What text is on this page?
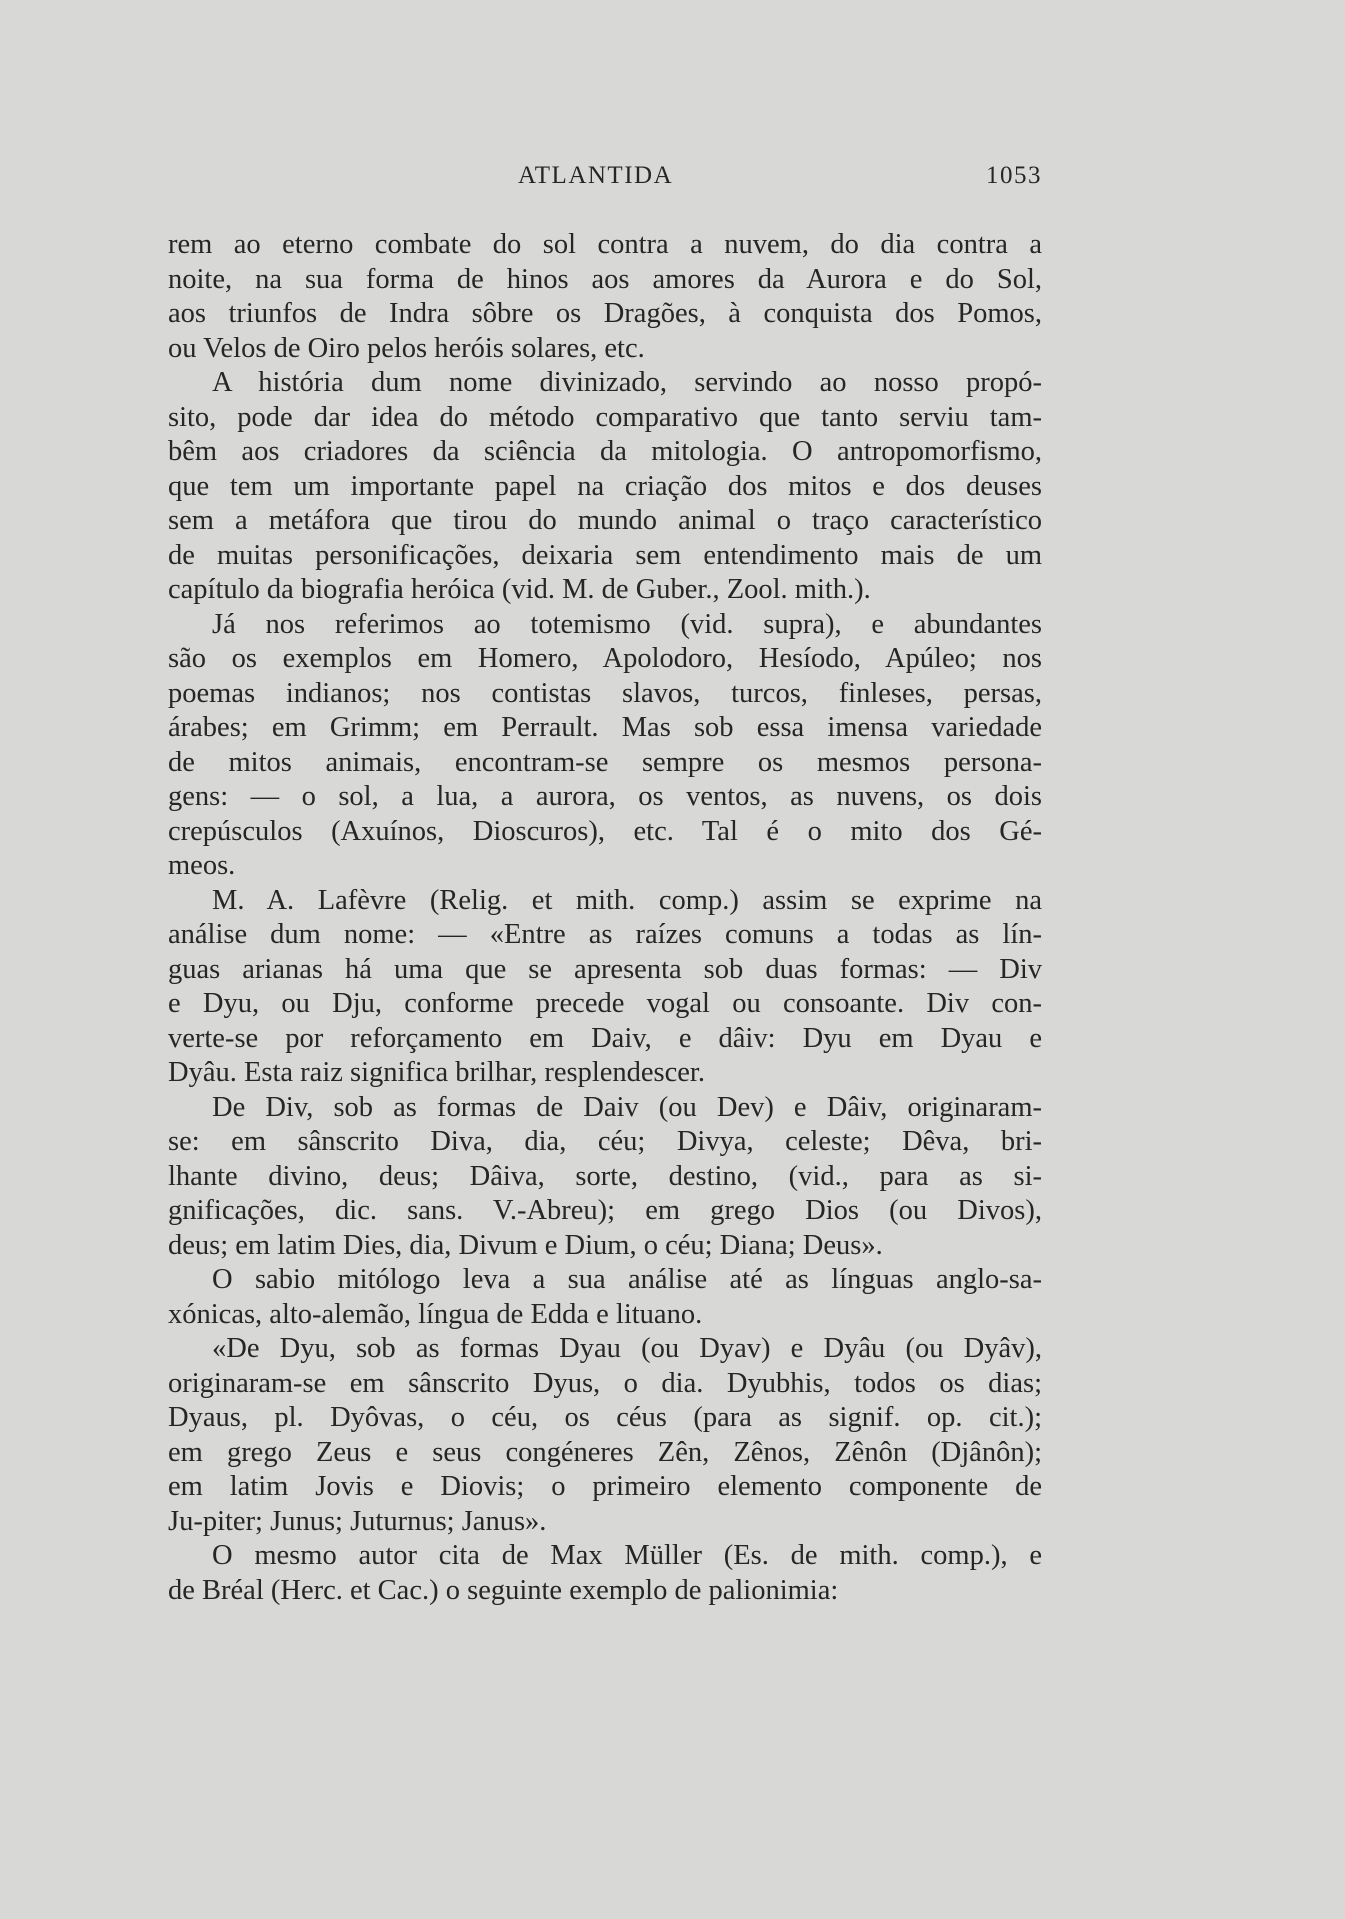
ATLANTIDA	1053
rem ao eterno combate do sol contra a nuvem, do dia contra a
noite, na sua forma de hinos aos amores da Aurora e do Sol,
aos triunfos de Indra sôbre os Dragões, à conquista dos Pomos,
ou Velos de Oiro pelos heróis solares, etc.
A história dum nome divinizado, servindo ao nosso propó-
sito, pode dar idea do método comparativo que tanto serviu tam-
bêm aos criadores da sciência da mitologia. O antropomorfismo,
que tem um importante papel na criação dos mitos e dos deuses
sem a metáfora que tirou do mundo animal o traço característico
de muitas personificações, deixaria sem entendimento mais de um
capítulo da biografia heróica (vid. M. de Guber., Zool. mith.).
Já nos referimos ao totemismo (vid. supra), e abundantes
são os exemplos em Homero, Apolodoro, Hesíodo, Apúleo; nos
poemas indianos; nos contistas slavos, turcos, finleses, persas,
árabes; em Grimm; em Perrault. Mas sob essa imensa variedade
de mitos animais, encontram-se sempre os mesmos persona-
gens: — o sol, a lua, a aurora, os ventos, as nuvens, os dois
crepúsculos (Axuínos, Dioscuros), etc. Tal é o mito dos Gé-
meos.
M. A. Lafèvre (Relig. et mith. comp.) assim se exprime na
análise dum nome: — «Entre as raízes comuns a todas as lín-
guas arianas há uma que se apresenta sob duas formas: — Div
e Dyu, ou Dju, conforme precede vogal ou consoante. Div con-
verte-se por reforçamento em Daiv, e dâiv: Dyu em Dyau e
Dyâu. Esta raiz significa brilhar, resplendescer.
De Div, sob as formas de Daiv (ou Dev) e Dâiv, originaram-
se: em sânscrito Diva, dia, céu; Divya, celeste; Dêva, bri-
lhante divino, deus; Dâiva, sorte, destino, (vid., para as si-
gnificações, dic. sans. V.-Abreu); em grego Dios (ou Divos),
deus; em latim Dies, dia, Divum e Dium, o céu; Diana; Deus».
O sabio mitólogo leva a sua análise até as línguas anglo-sa-
xónicas, alto-alemão, língua de Edda e lituano.
«De Dyu, sob as formas Dyau (ou Dyav) e Dyâu (ou Dyâv),
originaram-se em sânscrito Dyus, o dia. Dyubhis, todos os dias;
Dyaus, pl. Dyôvas, o céu, os céus (para as signif. op. cit.);
em grego Zeus e seus congéneres Zên, Zênos, Zênôn (Djânôn);
em latim Jovis e Diovis; o primeiro elemento componente de
Ju-piter; Junus; Juturnus; Janus».
O mesmo autor cita de Max Müller (Es. de mith. comp.), e
de Bréal (Herc. et Cac.) o seguinte exemplo de palionimia:
